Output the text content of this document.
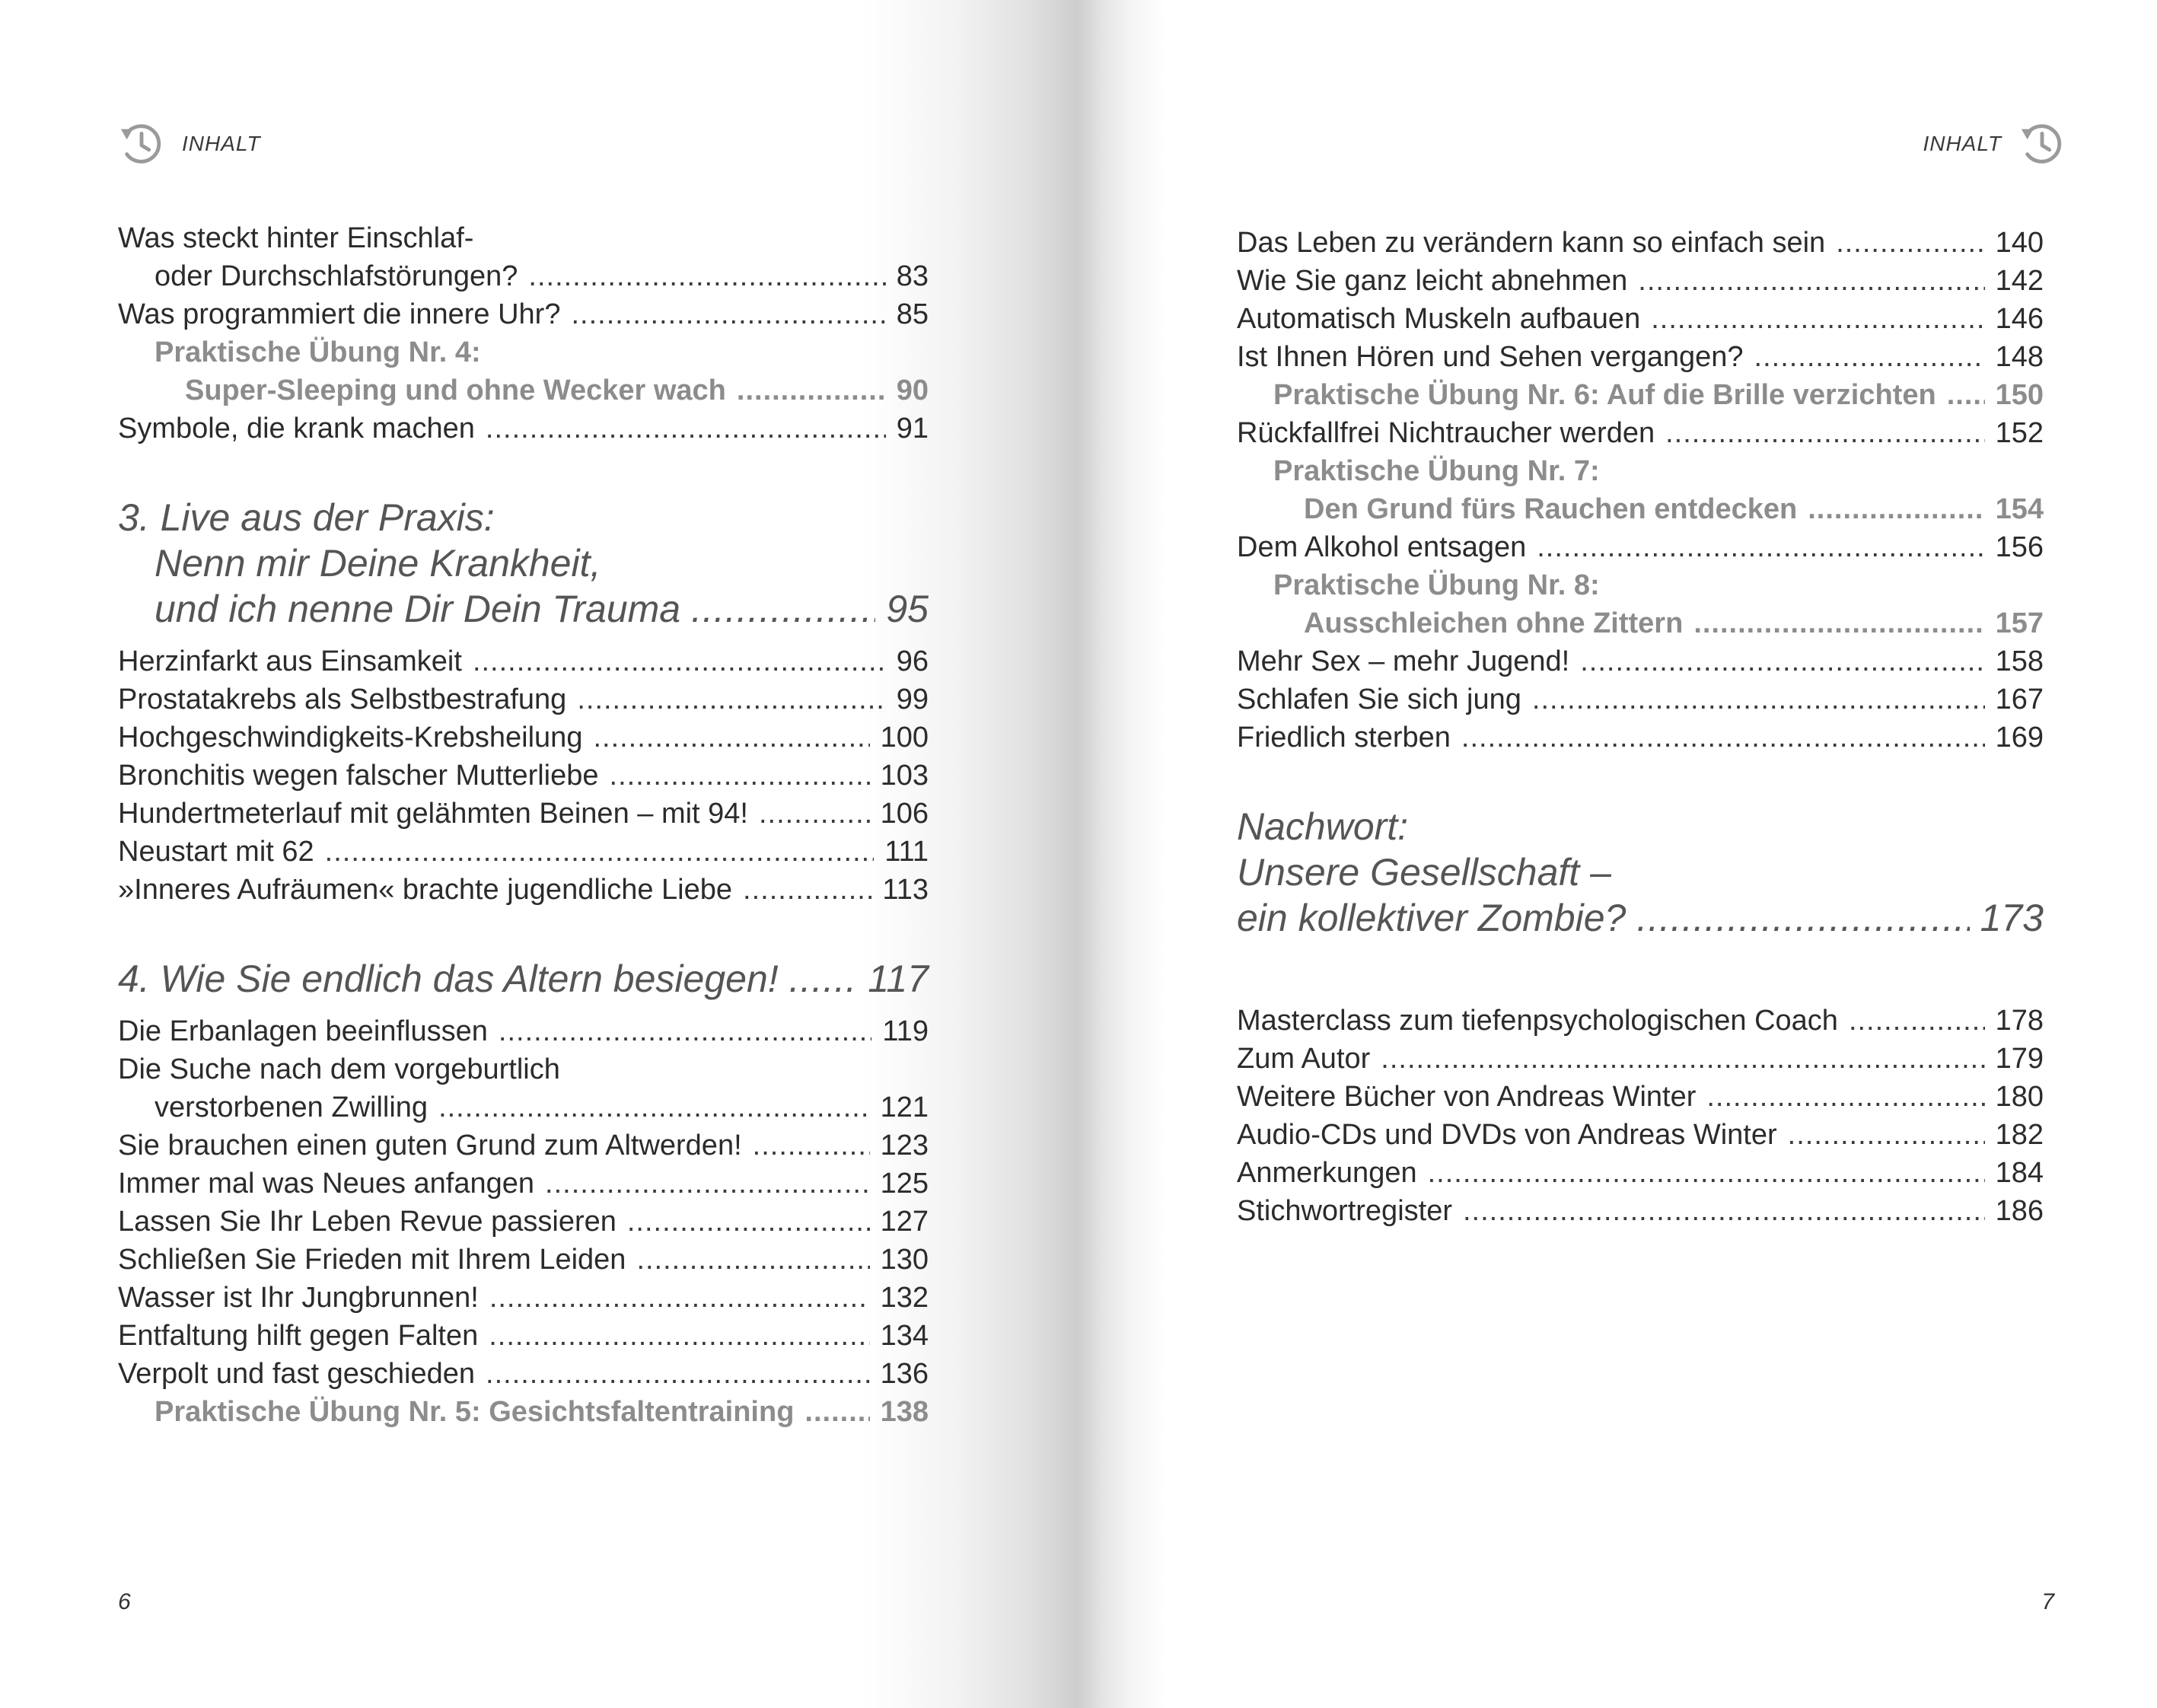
INHALT
Was steckt hinter Einschlaf-
oder Durchschlafstörungen? .....	83
Was programmiert die innere Uhr? .....	85
Praktische Übung Nr. 4:
Super-Sleeping und ohne Wecker wach .....	90
Symbole, die krank machen .....	91
3. Live aus der Praxis:
Nenn mir Deine Krankheit,
und ich nenne Dir Dein Trauma .....	95
Herzinfarkt aus Einsamkeit .....	96
Prostatakrebs als Selbstbestrafung .....	99
Hochgeschwindigkeits-Krebsheilung .....	100
Bronchitis wegen falscher Mutterliebe .....	103
Hundertmeterlauf mit gelähmten Beinen – mit 94! .....	106
Neustart mit 62 .....	111
»Inneres Aufräumen« brachte jugendliche Liebe .....	113
4. Wie Sie endlich das Altern besiegen! ..... 117
Die Erbanlagen beeinflussen .....	119
Die Suche nach dem vorgeburtlich
verstorbenen Zwilling .....	121
Sie brauchen einen guten Grund zum Altwerden! .....	123
Immer mal was Neues anfangen .....	125
Lassen Sie Ihr Leben Revue passieren .....	127
Schließen Sie Frieden mit Ihrem Leiden .....	130
Wasser ist Ihr Jungbrunnen! .....	132
Entfaltung hilft gegen Falten .....	134
Verpolt und fast geschieden .....	136
Praktische Übung Nr. 5: Gesichtsfaltentraining .....	138
6	7
INHALT
Das Leben zu verändern kann so einfach sein .....	140
Wie Sie ganz leicht abnehmen .....	142
Automatisch Muskeln aufbauen .....	146
Ist Ihnen Hören und Sehen vergangen? .....	148
Praktische Übung Nr. 6: Auf die Brille verzichten ..... 150
Rückfallfrei Nichtraucher werden .....	152
Praktische Übung Nr. 7:
Den Grund fürs Rauchen entdecken .....	154
Dem Alkohol entsagen .....	156
Praktische Übung Nr. 8:
Ausschleichen ohne Zittern .....	157
Mehr Sex – mehr Jugend! .....	158
Schlafen Sie sich jung .....	167
Friedlich sterben .....	169
Nachwort:
Unsere Gesellschaft –
ein kollektiver Zombie? .....	173
Masterclass zum tiefenpsychologischen Coach .....	178
Zum Autor .....	179
Weitere Bücher von Andreas Winter .....	180
Audio-CDs und DVDs von Andreas Winter .....	182
Anmerkungen .....	184
Stichwortregister .....	186
